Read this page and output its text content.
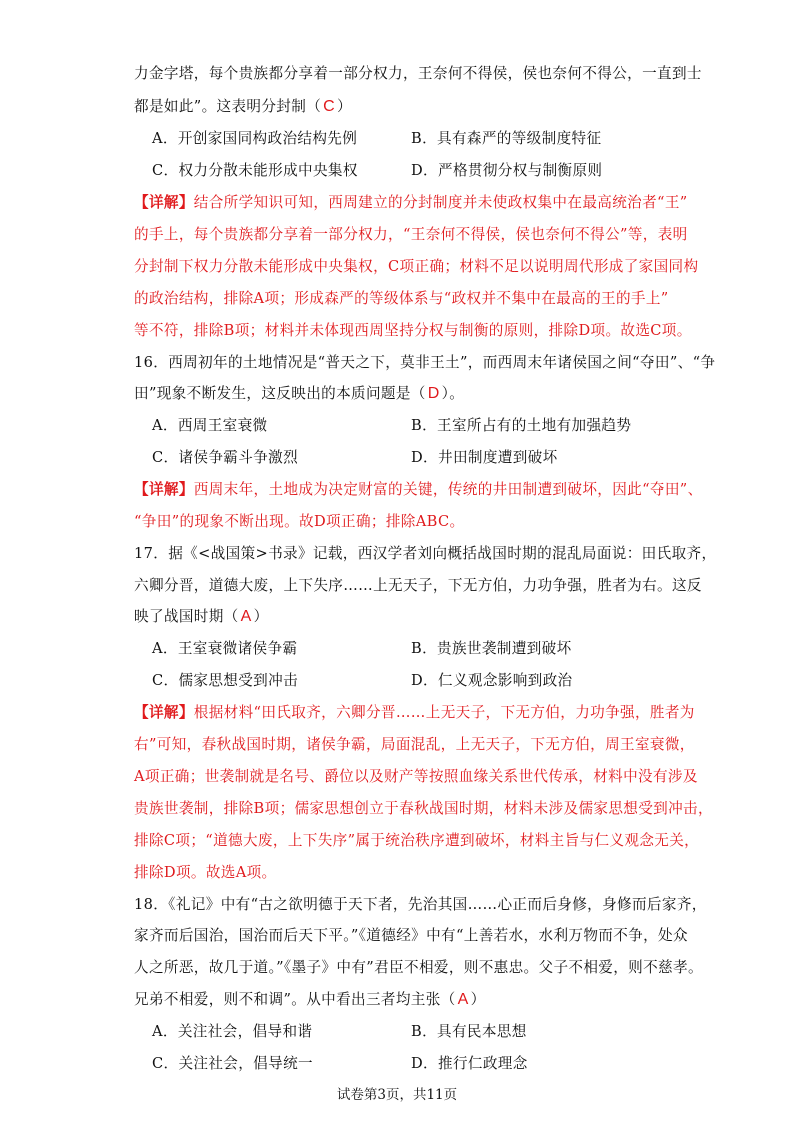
力金字塔，每个贵族都分享着一部分权力，王奈何不得侯，侯也奈何不得公，一直到士
都是如此”。这表明分封制（ C ）
A．开创家国同构政治结构先例	B．具有森严的等级制度特征
C．权力分散未能形成中央集权	D．严格贯彻分权与制衡原则
【详解】结合所学知识可知，西周建立的分封制度并未使政权集中在最高统治者“王”
的手上，每个贵族都分享着一部分权力，“王奈何不得侯，侯也奈何不得公”等，表明
分封制下权力分散未能形成中央集权，C项正确；材料不足以说明周代形成了家国同构
的政治结构，排除A项；形成森严的等级体系与“政权并不集中在最高的王的手上”
等不符，排除B项；材料并未体现西周坚持分权与制衡的原则，排除D项。故选C项。
16．西周初年的土地情况是“普天之下，莫非王土”，而西周末年诸侯国之间“夺田”、“争
田”现象不断发生，这反映出的本质问题是（ D ）。
A．西周王室衰微	B．王室所占有的土地有加强趋势
C．诸侯争霸斗争激烈	D．井田制度遭到破坏
【详解】西周末年，土地成为决定财富的关键，传统的井田制遭到破坏，因此“夺田”、
“争田”的现象不断出现。故D项正确；排除ABC。
17．据《<战国策>书录》记载，西汉学者刘向概括战国时期的混乱局面说：田氏取齐，
六卿分晋，道德大废，上下失序……上无天子，下无方伯，力功争强，胜者为右。这反
映了战国时期（ A ）
A．王室衰微诸侯争霸	B．贵族世袭制遭到破坏
C．儒家思想受到冲击	D．仁义观念影响到政治
【详解】根据材料“田氏取齐，六卿分晋……上无天子，下无方伯，力功争强，胜者为
右”可知，春秋战国时期，诸侯争霸，局面混乱，上无天子，下无方伯，周王室衰微，
A项正确；世袭制就是名号、爵位以及财产等按照血缘关系世代传承，材料中没有涉及
贵族世袭制，排除B项；儒家思想创立于春秋战国时期，材料未涉及儒家思想受到冲击，
排除C项；“道德大废，上下失序”属于统治秩序遭到破坏，材料主旨与仁义观念无关，
排除D项。故选A项。
18．《礼记》中有“古之欲明德于天下者，先治其国……心正而后身修，身修而后家齐，
家齐而后国治，国治而后天下平。”《道德经》中有“上善若水，水利万物而不争，处众
人之所恶，故几于道。”《墨子》中有”君臣不相爱，则不惠忠。父子不相爱，则不慈孝。
兄弟不相爱，则不和调”。从中看出三者均主张（ A ）
A．关注社会，倡导和谐	B．具有民本思想
C．关注社会，倡导统一	D．推行仁政理念
试卷第3页，共11页
